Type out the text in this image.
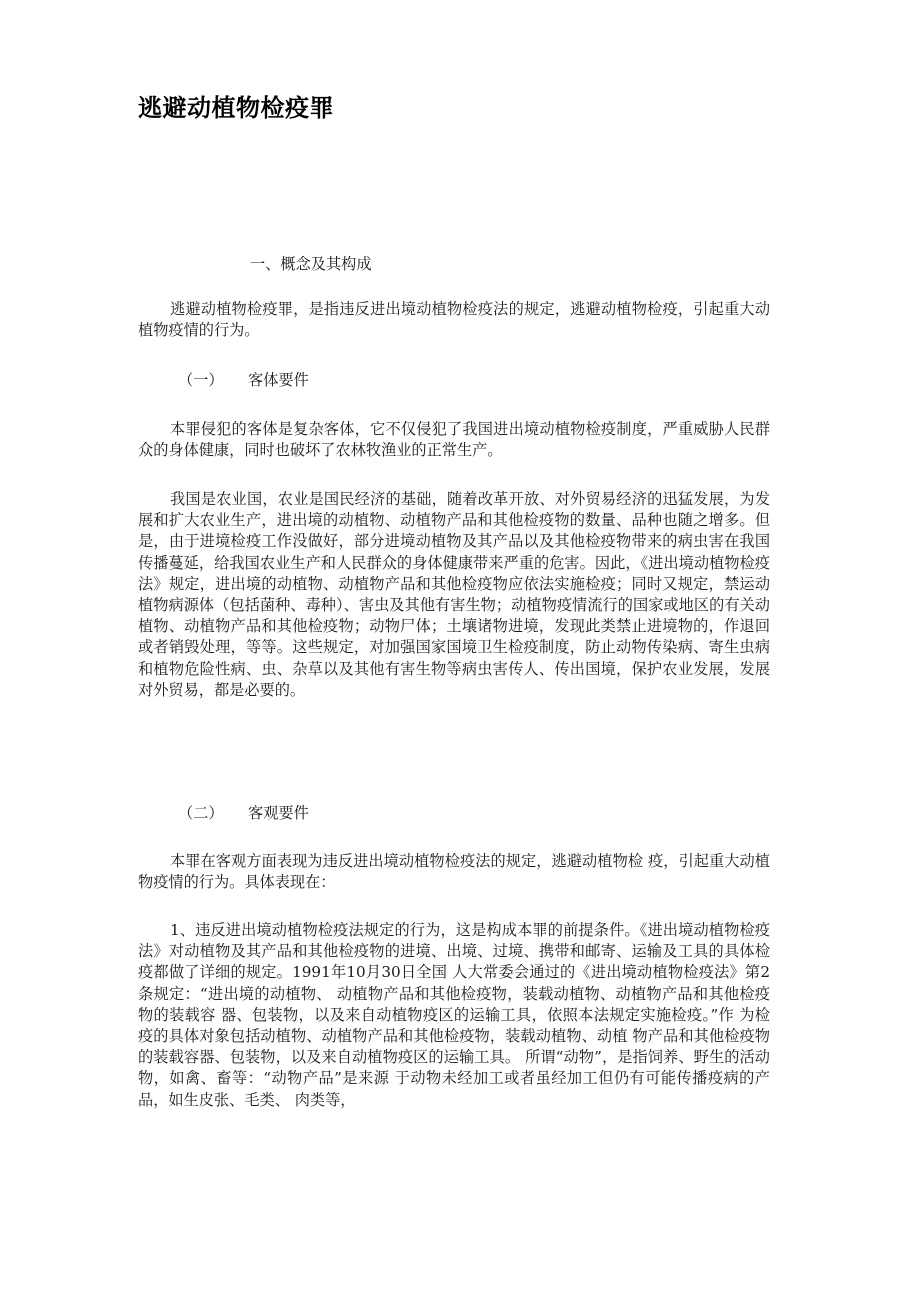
逃避动植物检疫罪

一、概念及其构成

逃避动植物检疫罪，是指违反进出境动植物检疫法的规定，逃避动植物检疫，引起重大动植物疫情的行为。

（一） 客体要件

本罪侵犯的客体是复杂客体，它不仅侵犯了我国进出境动植物检疫制度，严重威胁人民群众的身体健康，同时也破坏了农林牧渔业的正常生产。

我国是农业国，农业是国民经济的基础，随着改革开放、对外贸易经济的迅猛发展，为发展和扩大农业生产，进出境的动植物、动植物产品和其他检疫物的数量、品种也随之增多。但是，由于进境检疫工作没做好，部分进境动植物及其产品以及其他检疫物带来的病虫害在我国传播蔓延，给我国农业生产和人民群众的身体健康带来严重的危害。因此，《进出境动植物检疫法》规定，进出境的动植物、动植物产品和其他检疫物应依法实施检疫；同时又规定，禁运动植物病源体（包括菌种、毒种）、害虫及其他有害生物；动植物疫情流行的国家或地区的有关动植物、动植物产品和其他检疫物；动物尸体；土壤诸物进境，发现此类禁止进境物的，作退回或者销毁处理，等等。这些规定，对加强国家国境卫生检疫制度，防止动物传染病、寄生虫病和植物危险性病、虫、杂草以及其他有害生物等病虫害传人、传出国境，保护农业发展，发展对外贸易，都是必要的。

（二） 客观要件

本罪在客观方面表现为违反进出境动植物检疫法的规定，逃避动植物检 疫，引起重大动植物疫情的行为。具体表现在：

1、违反进出境动植物检疫法规定的行为，这是构成本罪的前提条件。《进出境动植物检疫法》对动植物及其产品和其他检疫物的进境、出境、过境、携带和邮寄、运输及工具的具体检疫都做了详细的规定。1991年10月30日全国 人大常委会通过的《进出境动植物检疫法》第2条规定：“进出境的动植物、 动植物产品和其他检疫物，装载动植物、动植物产品和其他检疫物的装载容 器、包装物，以及来自动植物疫区的运输工具，依照本法规定实施检疫。”作 为检疫的具体对象包括动植物、动植物产品和其他检疫物，装载动植物、动植 物产品和其他检疫物的装载容器、包装物，以及来自动植物疫区的运输工具。 所谓“动物”，是指饲养、野生的活动物，如禽、畜等：“动物产品”是来源 于动物未经加工或者虽经加工但仍有可能传播疫病的产品，如生皮张、毛类、 肉类等，
